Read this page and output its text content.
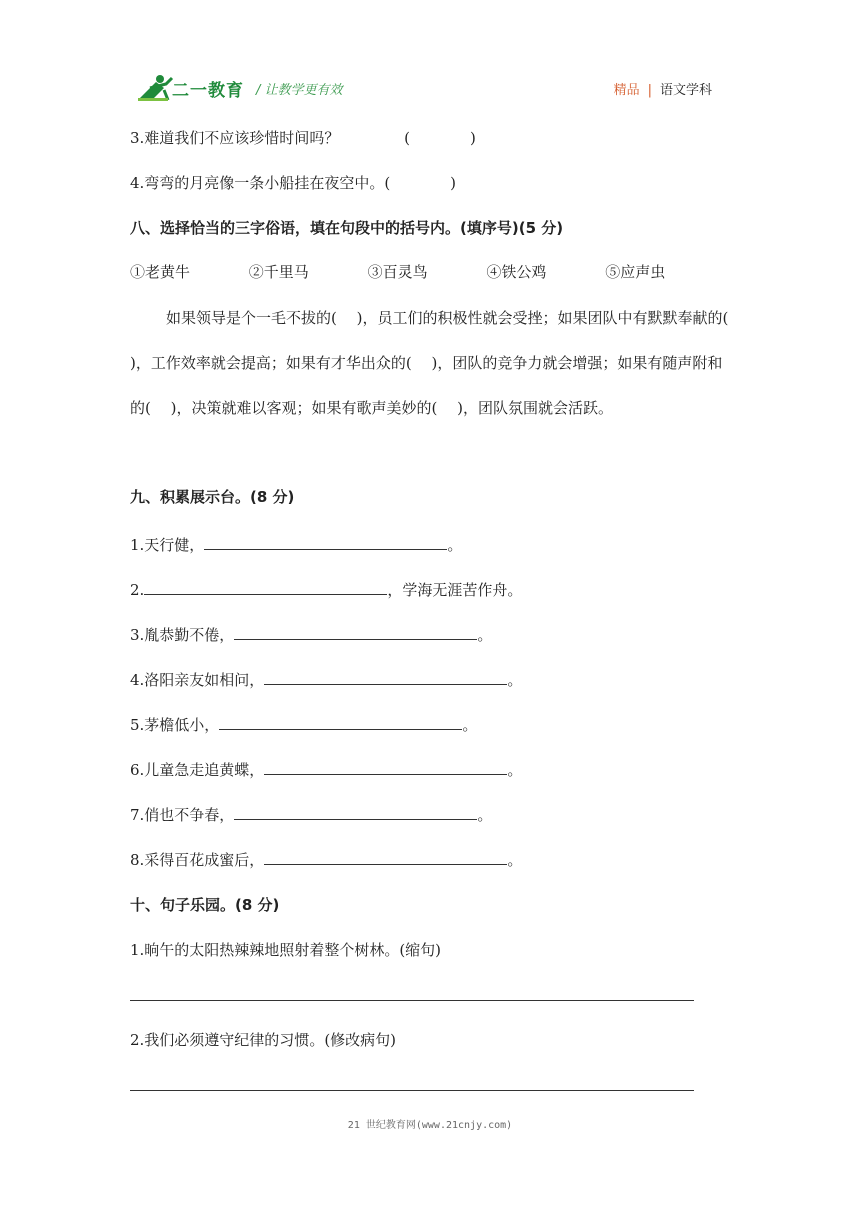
二一教育 / 让教学更有效	精品 | 语文学科
3.难道我们不应该珍惜时间吗？	(　　　　)
4.弯弯的月亮像一条小船挂在夜空中。(　　　　)
八、选择恰当的三字俗语，填在句段中的括号内。(填序号)(5 分)
①老黄牛	②千里马	③百灵鸟	④铁公鸡	⑤应声虫
如果领导是个一毛不拔的(　 )，员工们的积极性就会受挫；如果团队中有默默奉献的(　 )，工作效率就会提高；如果有才华出众的(　 )，团队的竞争力就会增强；如果有随声附和的(　 )，决策就难以客观；如果有歌声美妙的(　 )，团队氛围就会活跃。
九、积累展示台。(8 分)
1.天行健，	。
2.	，学海无涯苦作舟。
3.胤恭勤不倦，	。
4.洛阳亲友如相问，	。
5.茅檐低小，	。
6.儿童急走追黄蝶，	。
7.俏也不争春，	。
8.采得百花成蜜后，	。
十、句子乐园。(8 分)
1.晌午的太阳热辣辣地照射着整个树林。(缩句)
2.我们必须遵守纪律的习惯。(修改病句)
21 世纪教育网(www.21cnjy.com)
